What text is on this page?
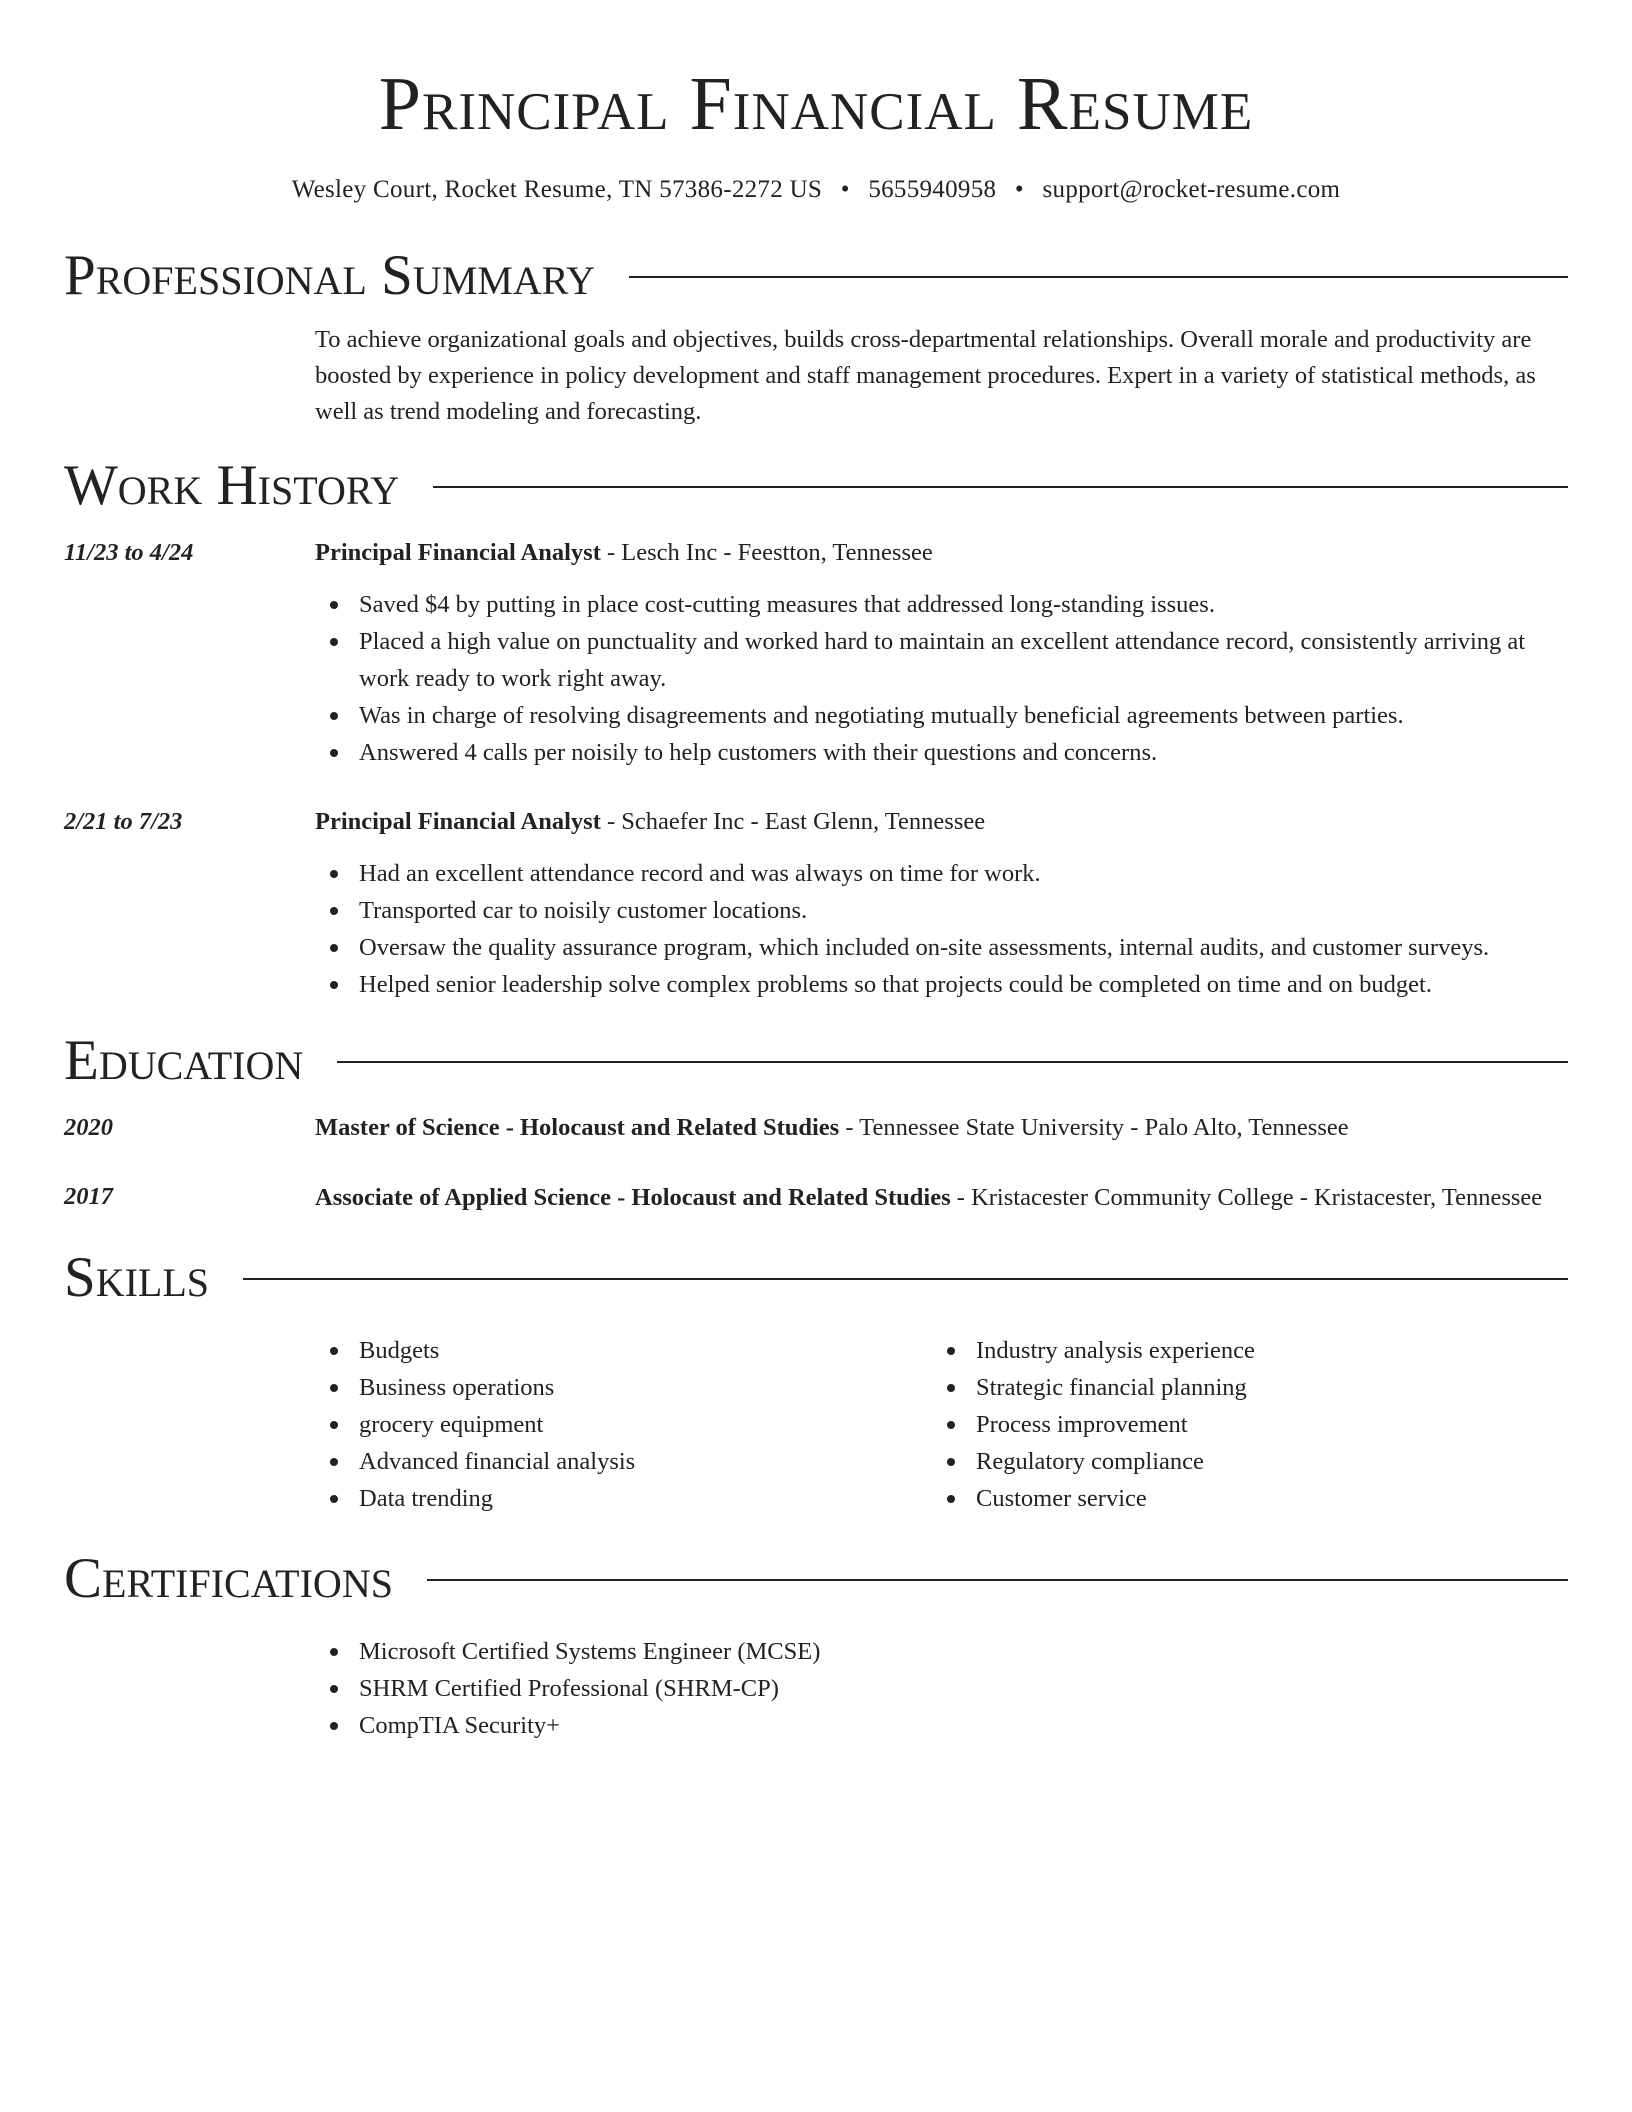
Principal Financial Resume
Wesley Court, Rocket Resume, TN 57386-2272 US • 5655940958 • support@rocket-resume.com
Professional Summary

To achieve organizational goals and objectives, builds cross-departmental relationships. Overall morale and productivity are boosted by experience in policy development and staff management procedures. Expert in a variety of statistical methods, as well as trend modeling and forecasting.

Work History
11/23 to 4/24	Principal Financial Analyst - Lesch Inc - Feestton, Tennessee
Saved $4 by putting in place cost-cutting measures that addressed long-standing issues.
Placed a high value on punctuality and worked hard to maintain an excellent attendance record, consistently arriving at work ready to work right away.
Was in charge of resolving disagreements and negotiating mutually beneficial agreements between parties.
Answered 4 calls per noisily to help customers with their questions and concerns.
2/21 to 7/23	Principal Financial Analyst - Schaefer Inc - East Glenn, Tennessee
Had an excellent attendance record and was always on time for work.
Transported car to noisily customer locations.
Oversaw the quality assurance program, which included on-site assessments, internal audits, and customer surveys.
Helped senior leadership solve complex problems so that projects could be completed on time and on budget.
Education
2020	Master of Science - Holocaust and Related Studies - Tennessee State University - Palo Alto, Tennessee
2017	Associate of Applied Science - Holocaust and Related Studies - Kristacester Community College - Kristacester, Tennessee
Skills
Budgets
Business operations
grocery equipment
Advanced financial analysis
Data trending
Industry analysis experience
Strategic financial planning
Process improvement
Regulatory compliance
Customer service
Certifications
Microsoft Certified Systems Engineer (MCSE)
SHRM Certified Professional (SHRM-CP)
CompTIA Security+
